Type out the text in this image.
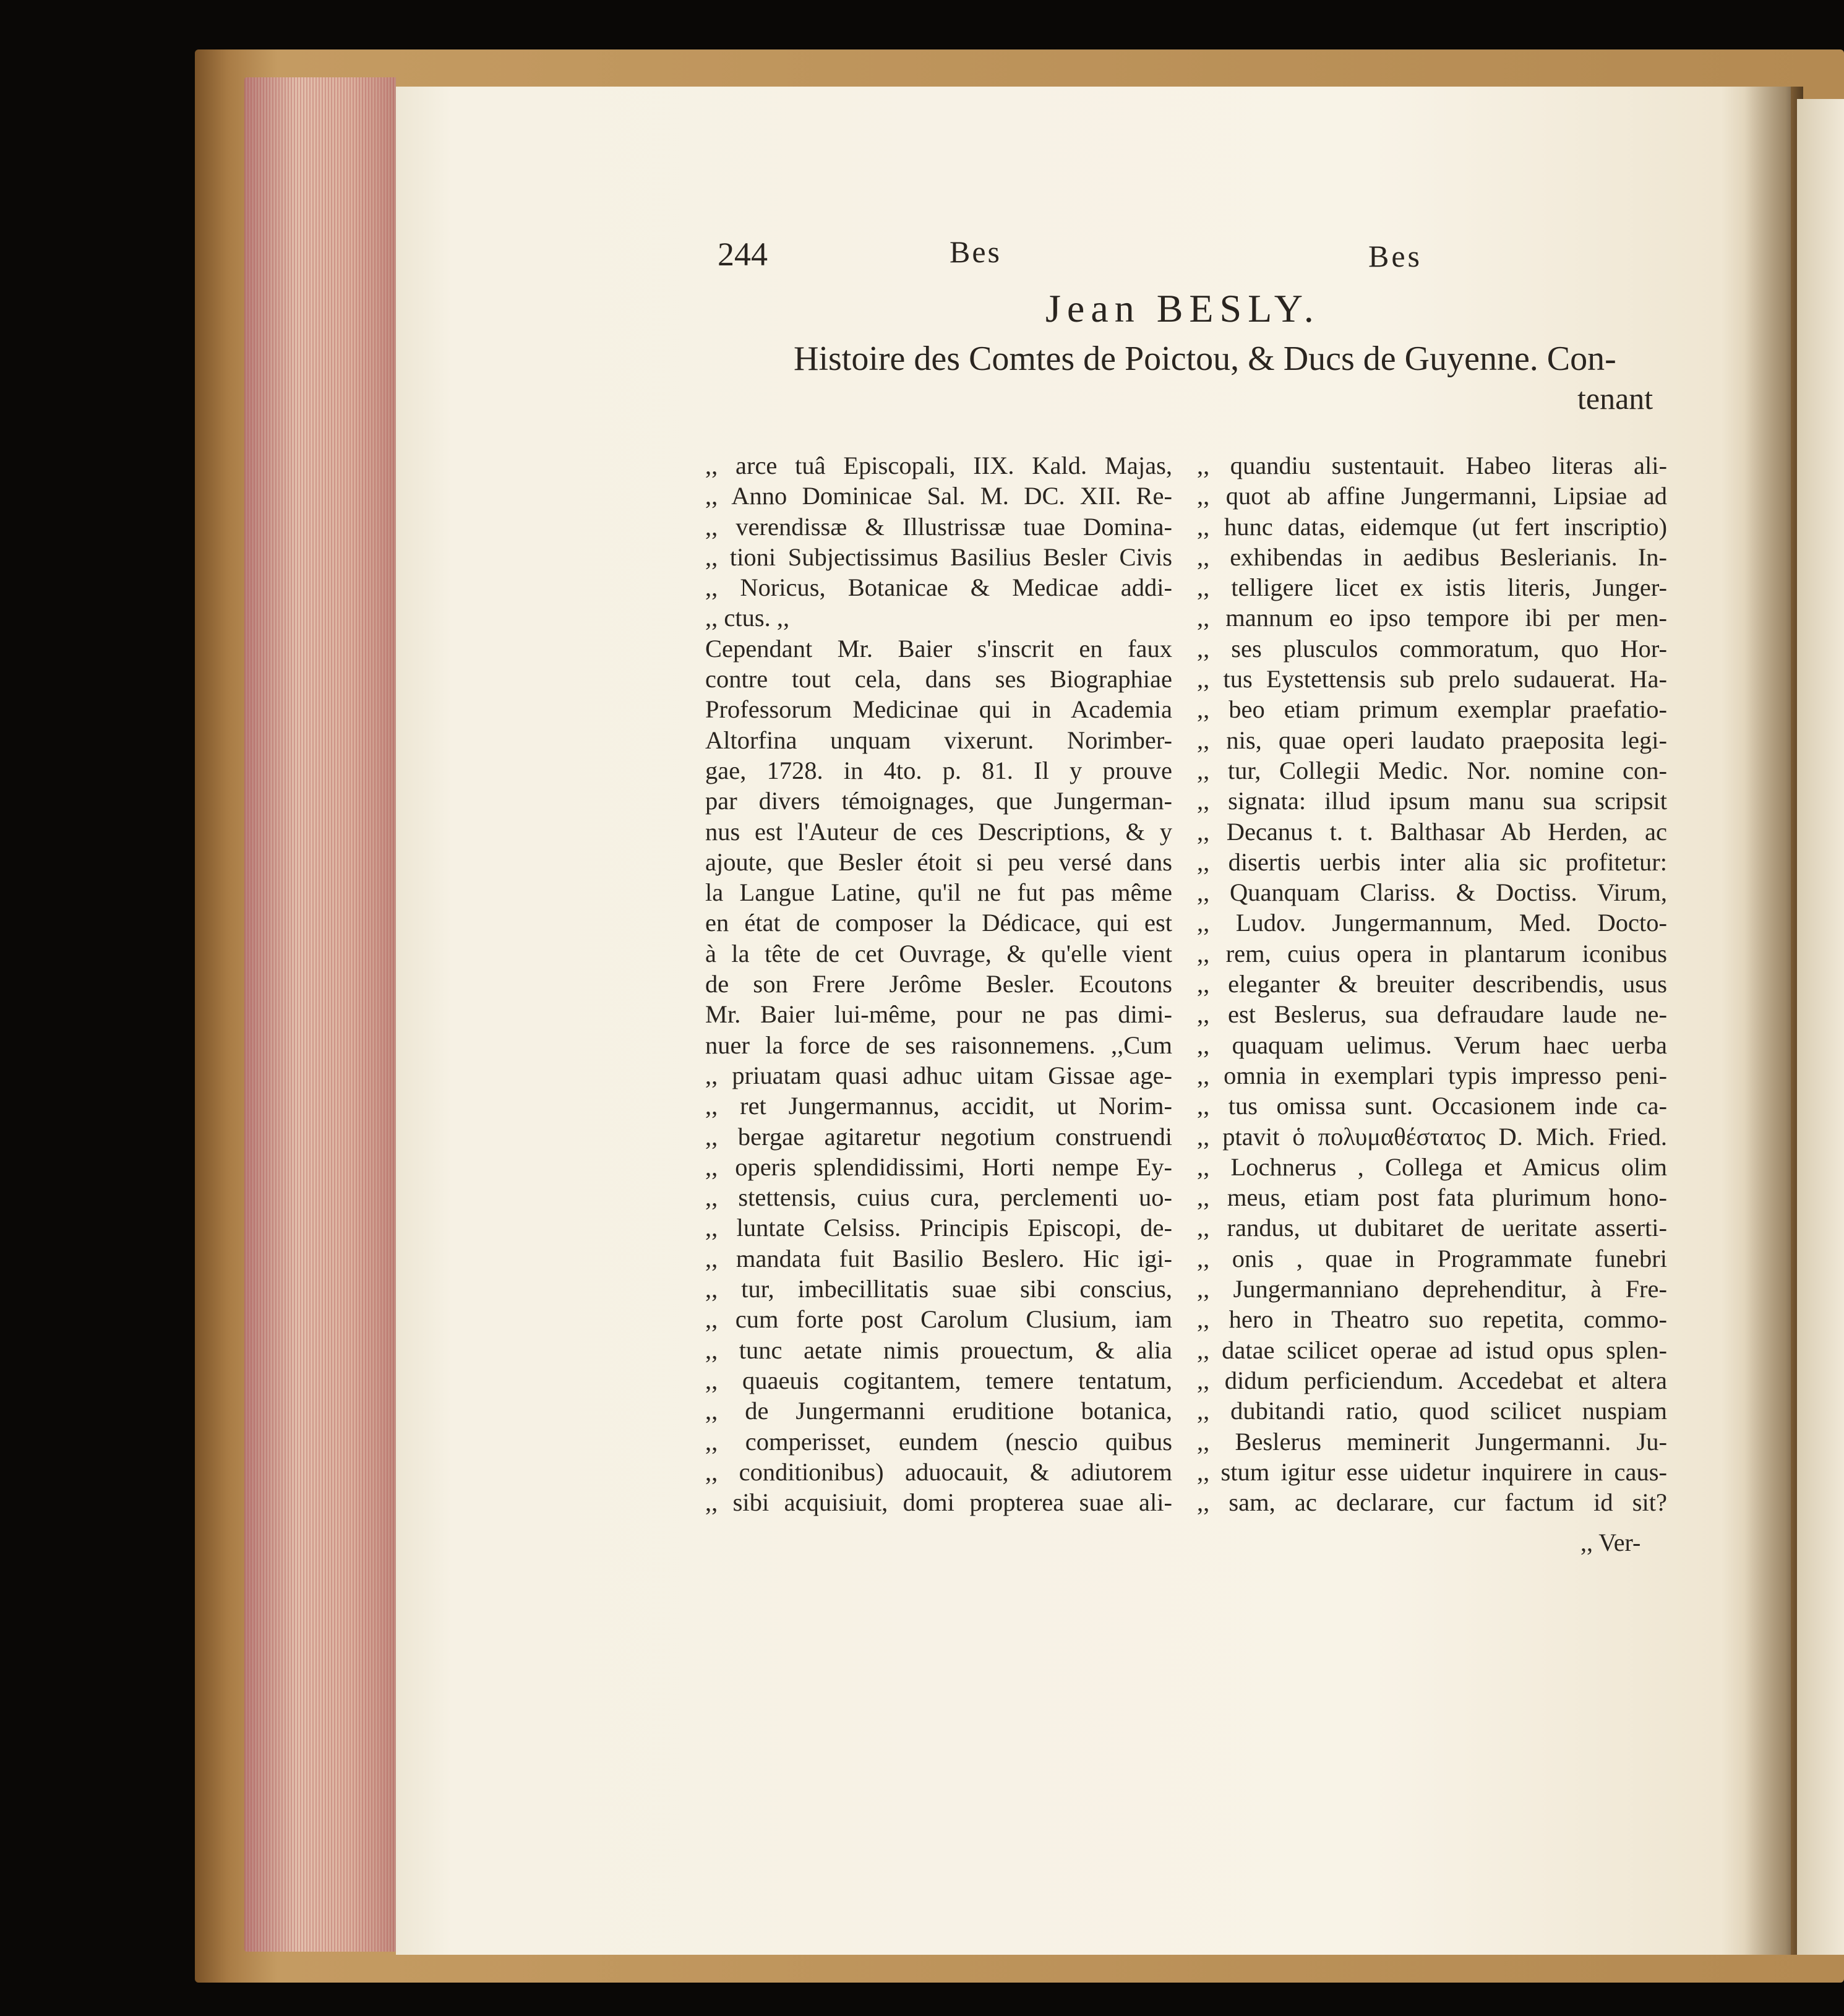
244	Bes	Bes
Jean BESLY.
Histoire des Comtes de Poictou, & Ducs de Guyenne. Con-
tenant
,, arce tuâ Episcopali, IIX. Kald. Majas,
,, Anno Dominicae Sal. M. DC. XII. Re-
,, verendissæ & Illustrissæ tuae Domina-
,, tioni Subjectissimus Basilius Besler Civis
,, Noricus, Botanicae & Medicae addi-
,, ctus. ,,
Cependant Mr. Baier s'inscrit en faux
contre tout cela, dans ses Biographiae
Professorum Medicinae qui in Academia
Altorfina unquam vixerunt. Norimber-
gae, 1728. in 4to. p. 81. Il y prouve
par divers témoignages, que Jungerman-
nus est l'Auteur de ces Descriptions, & y
ajoute, que Besler étoit si peu versé dans
la Langue Latine, qu'il ne fut pas même
en état de composer la Dédicace, qui est
à la tête de cet Ouvrage, & qu'elle vient
de son Frere Jerôme Besler. Ecoutons
Mr. Baier lui-même, pour ne pas dimi-
nuer la force de ses raisonnemens. ,,Cum
,, priuatam quasi adhuc uitam Gissae age-
,, ret Jungermannus, accidit, ut Norim-
,, bergae agitaretur negotium construendi
,, operis splendidissimi, Horti nempe Ey-
,, stettensis, cuius cura, perclementi uo-
,, luntate Celsiss. Principis Episcopi, de-
,, mandata fuit Basilio Beslero. Hic igi-
,, tur, imbecillitatis suae sibi conscius,
,, cum forte post Carolum Clusium, iam
,, tunc aetate nimis prouectum, & alia
,, quaeuis cogitantem, temere tentatum,
,, de Jungermanni eruditione botanica,
,, comperisset, eundem (nescio quibus
,, conditionibus) aduocauit, & adiutorem
,, sibi acquisiuit, domi propterea suae ali-
,, quandiu sustentauit. Habeo literas ali-
,, quot ab affine Jungermanni, Lipsiae ad
,, hunc datas, eidemque (ut fert inscriptio)
,, exhibendas in aedibus Beslerianis. In-
,, telligere licet ex istis literis, Junger-
,, mannum eo ipso tempore ibi per men-
,, ses plusculos commoratum, quo Hor-
,, tus Eystettensis sub prelo sudauerat. Ha-
,, beo etiam primum exemplar praefatio-
,, nis, quae operi laudato praeposita legi-
,, tur, Collegii Medic. Nor. nomine con-
,, signata: illud ipsum manu sua scripsit
,, Decanus t. t. Balthasar Ab Herden, ac
,, disertis uerbis inter alia sic profitetur:
,, Quanquam Clariss. & Doctiss. Virum,
,, Ludov. Jungermannum, Med. Docto-
,, rem, cuius opera in plantarum iconibus
,, eleganter & breuiter describendis, usus
,, est Beslerus, sua defraudare laude ne-
,, quaquam uelimus. Verum haec uerba
,, omnia in exemplari typis impresso peni-
,, tus omissa sunt. Occasionem inde ca-
,, ptavit ὁ πολυμαθέστατος D. Mich. Fried.
,, Lochnerus , Collega et Amicus olim
,, meus, etiam post fata plurimum hono-
,, randus, ut dubitaret de ueritate asserti-
,, onis , quae in Programmate funebri
,, Jungermanniano deprehenditur, à Fre-
,, hero in Theatro suo repetita, commo-
,, datae scilicet operae ad istud opus splen-
,, didum perficiendum. Accedebat et altera
,, dubitandi ratio, quod scilicet nuspiam
,, Beslerus meminerit Jungermanni. Ju-
,, stum igitur esse uidetur inquirere in caus-
,, sam, ac declarare, cur factum id sit?
,, Ver-
